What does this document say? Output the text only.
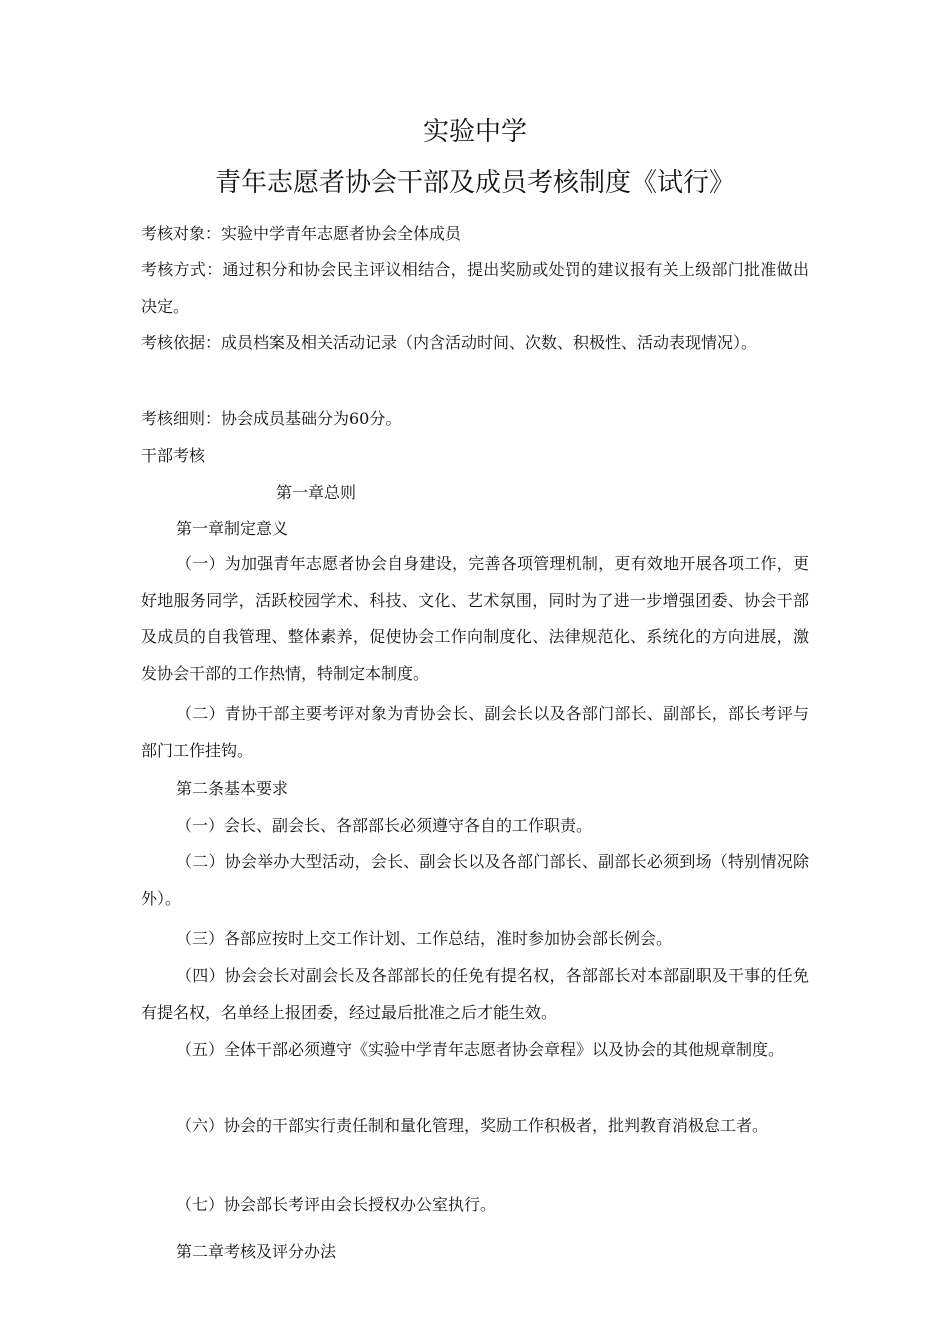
实验中学
青年志愿者协会干部及成员考核制度《试行》
考核对象：实验中学青年志愿者协会全体成员
考核方式：通过积分和协会民主评议相结合，提出奖励或处罚的建议报有关上级部门批准做出决定。
考核依据：成员档案及相关活动记录（内含活动时间、次数、积极性、活动表现情况）。
考核细则：协会成员基础分为60分。
干部考核
第一章总则
第一章制定意义
（一）为加强青年志愿者协会自身建设，完善各项管理机制，更有效地开展各项工作，更好地服务同学，活跃校园学术、科技、文化、艺术氛围，同时为了进一步增强团委、协会干部及成员的自我管理、整体素养，促使协会工作向制度化、法律规范化、系统化的方向进展，激发协会干部的工作热情，特制定本制度。
（二）青协干部主要考评对象为青协会长、副会长以及各部门部长、副部长，部长考评与部门工作挂钩。
第二条基本要求
（一）会长、副会长、各部部长必须遵守各自的工作职责。
（二）协会举办大型活动，会长、副会长以及各部门部长、副部长必须到场（特别情况除外）。
（三）各部应按时上交工作计划、工作总结，准时参加协会部长例会。
（四）协会会长对副会长及各部部长的任免有提名权，各部部长对本部副职及干事的任免有提名权，名单经上报团委，经过最后批准之后才能生效。
（五）全体干部必须遵守《实验中学青年志愿者协会章程》以及协会的其他规章制度。
（六）协会的干部实行责任制和量化管理，奖励工作积极者，批判教育消极怠工者。
（七）协会部长考评由会长授权办公室执行。
第二章考核及评分办法
